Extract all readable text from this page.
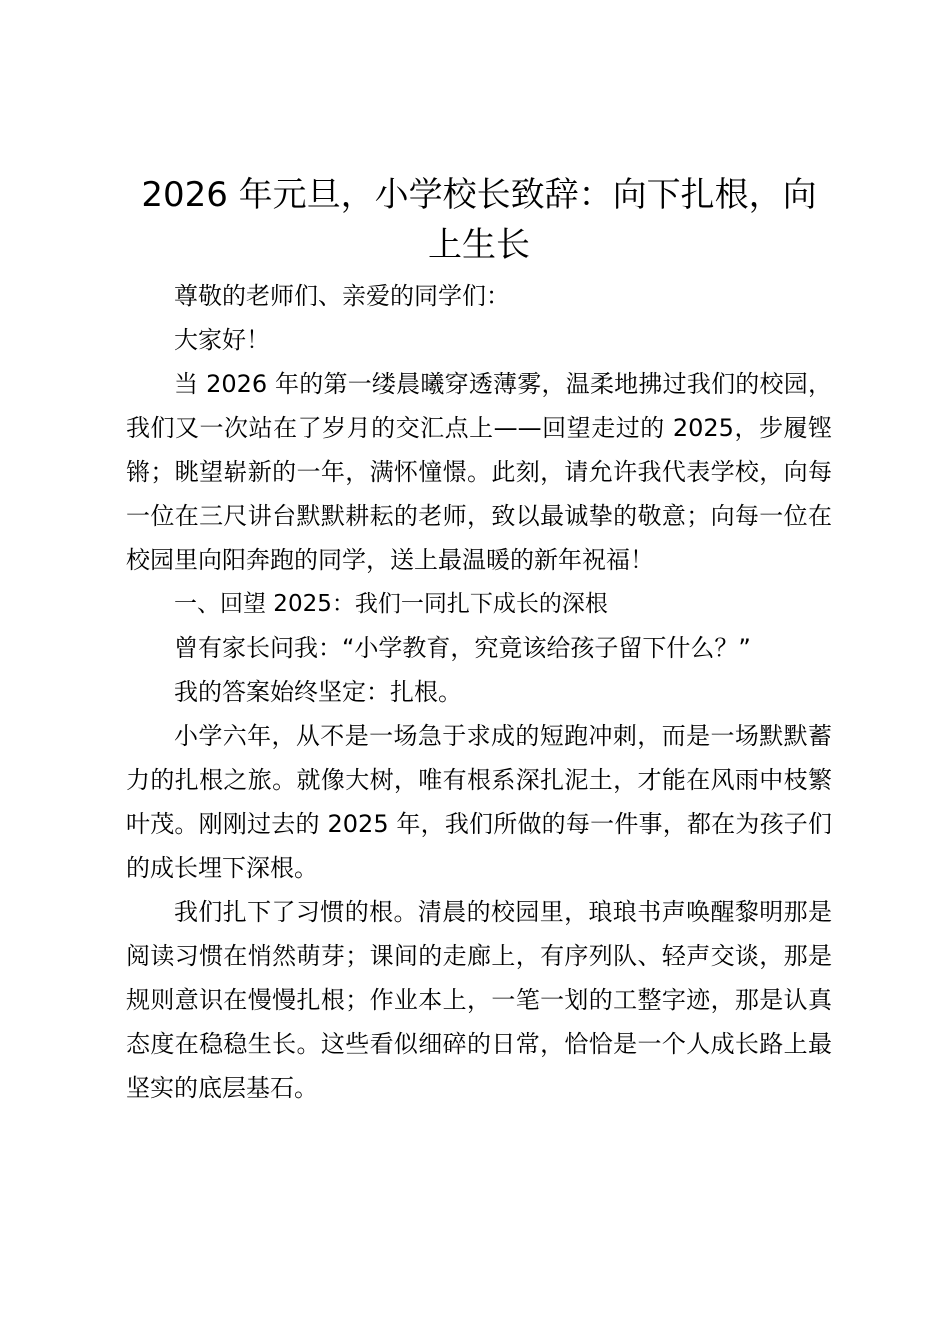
2026 年元旦，小学校长致辞：向下扎根，向上生长

尊敬的老师们、亲爱的同学们：

大家好！

当 2026 年的第一缕晨曦穿透薄雾，温柔地拂过我们的校园，我们又一次站在了岁月的交汇点上——回望走过的 2025，步履铿锵；眺望崭新的一年，满怀憧憬。此刻，请允许我代表学校，向每一位在三尺讲台默默耕耘的老师，致以最诚挚的敬意；向每一位在校园里向阳奔跑的同学，送上最温暖的新年祝福！

一、回望 2025：我们一同扎下成长的深根

曾有家长问我：“小学教育，究竟该给孩子留下什么？”

我的答案始终坚定：扎根。

小学六年，从不是一场急于求成的短跑冲刺，而是一场默默蓄力的扎根之旅。就像大树，唯有根系深扎泥土，才能在风雨中枝繁叶茂。刚刚过去的 2025 年，我们所做的每一件事，都在为孩子们的成长埋下深根。

我们扎下了习惯的根。清晨的校园里，琅琅书声唤醒黎明那是阅读习惯在悄然萌芽；课间的走廊上，有序列队、轻声交谈，那是规则意识在慢慢扎根；作业本上，一笔一划的工整字迹，那是认真态度在稳稳生长。这些看似细碎的日常，恰恰是一个人成长路上最坚实的底层基石。
